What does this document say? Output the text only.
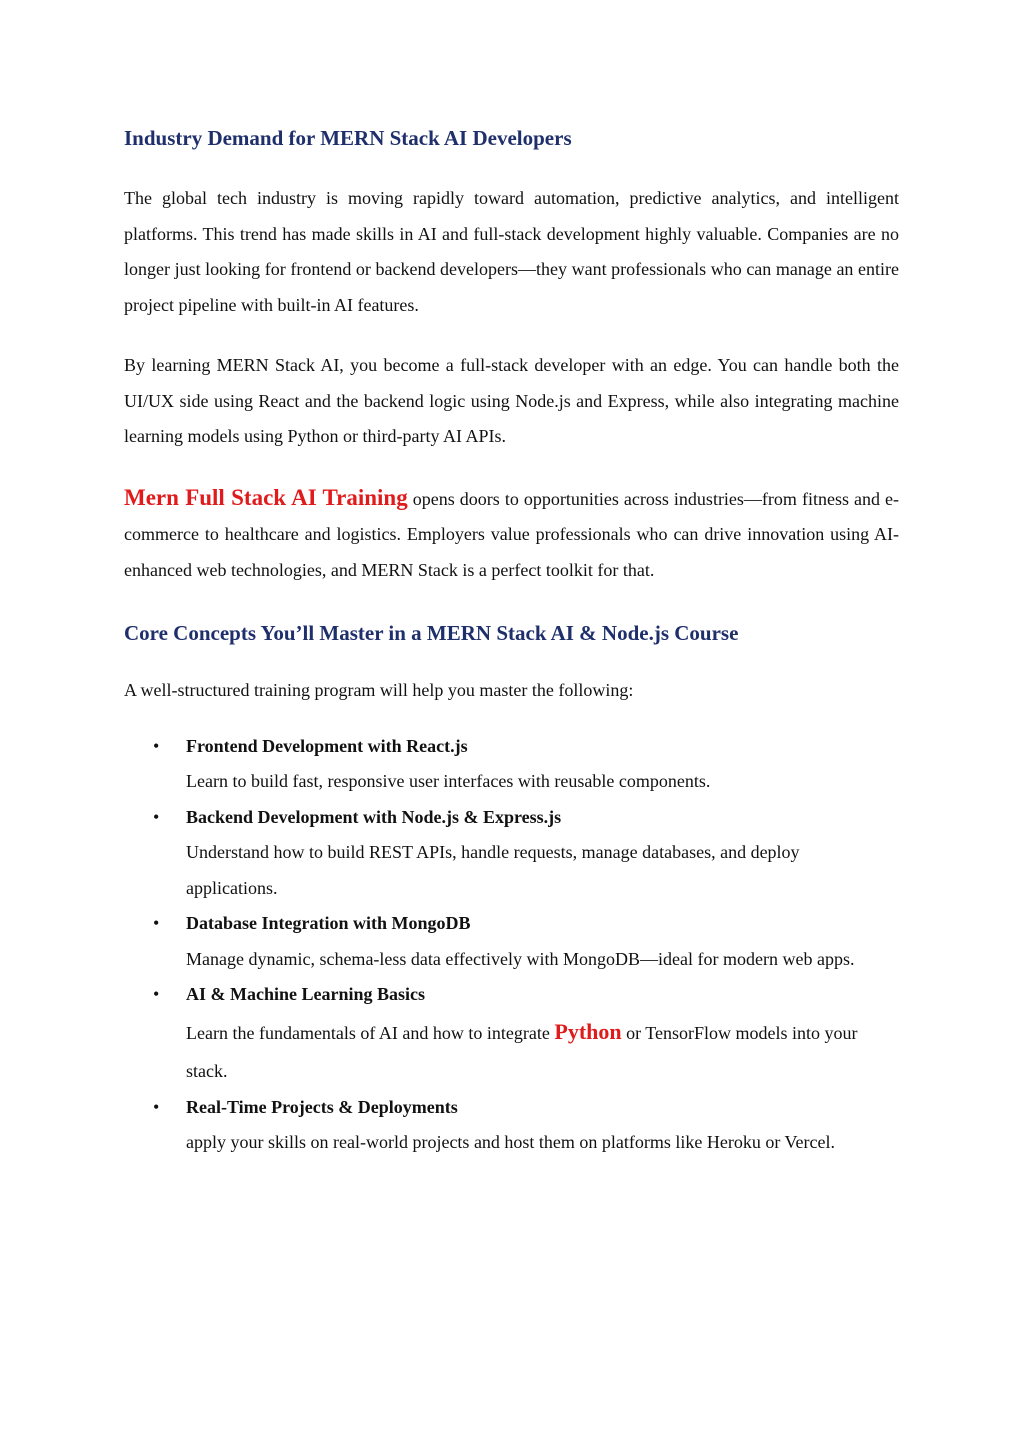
Industry Demand for MERN Stack AI Developers

The global tech industry is moving rapidly toward automation, predictive analytics, and intelligent platforms. This trend has made skills in AI and full-stack development highly valuable. Companies are no longer just looking for frontend or backend developers—they want professionals who can manage an entire project pipeline with built-in AI features.

By learning MERN Stack AI, you become a full-stack developer with an edge. You can handle both the UI/UX side using React and the backend logic using Node.js and Express, while also integrating machine learning models using Python or third-party AI APIs.

Mern Full Stack AI Training opens doors to opportunities across industries—from fitness and e-commerce to healthcare and logistics. Employers value professionals who can drive innovation using AI-enhanced web technologies, and MERN Stack is a perfect toolkit for that.

Core Concepts You’ll Master in a MERN Stack AI & Node.js Course

A well-structured training program will help you master the following:

• Frontend Development with React.js
Learn to build fast, responsive user interfaces with reusable components.
• Backend Development with Node.js & Express.js
Understand how to build REST APIs, handle requests, manage databases, and deploy applications.
• Database Integration with MongoDB
Manage dynamic, schema-less data effectively with MongoDB—ideal for modern web apps.
• AI & Machine Learning Basics
Learn the fundamentals of AI and how to integrate Python or TensorFlow models into your stack.
• Real-Time Projects & Deployments
apply your skills on real-world projects and host them on platforms like Heroku or Vercel.
